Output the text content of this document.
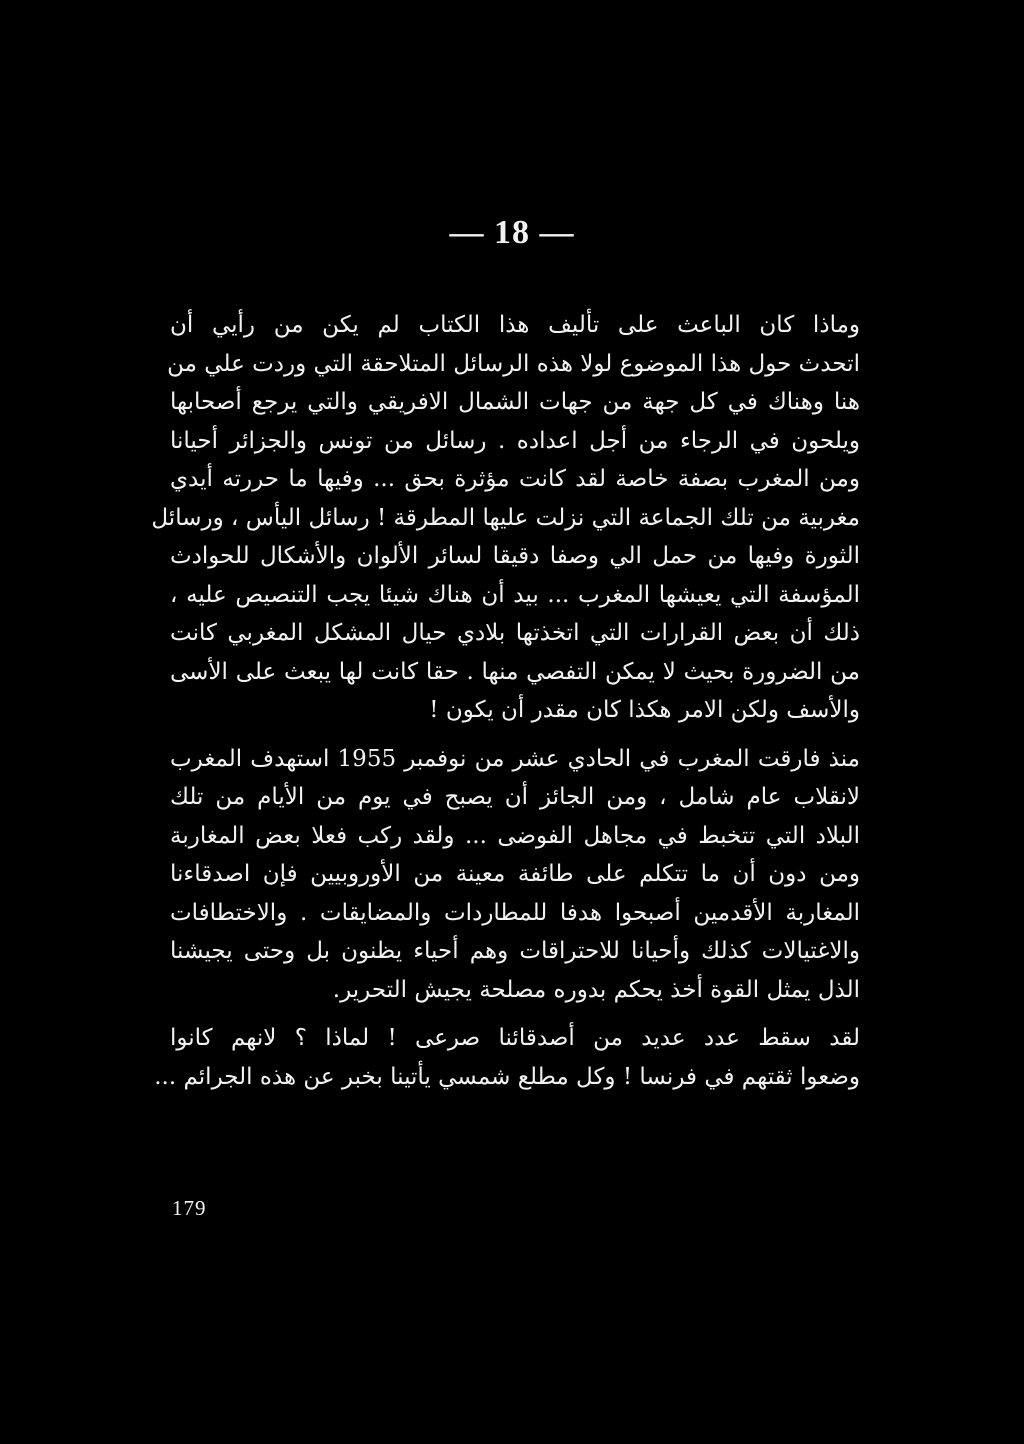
— 18 —
وماذا كان الباعث على تأليف هذا الكتاب لم يكن من رأيي أن
اتحدث حول هذا الموضوع لولا هذه الرسائل المتلاحقة التي وردت علي من
هنا وهناك في كل جهة من جهات الشمال الافريقي والتي يرجع أصحابها
ويلحون في الرجاء من أجل اعداده . رسائل من تونس والجزائر أحيانا
ومن المغرب بصفة خاصة لقد كانت مؤثرة بحق ... وفيها ما حررته أيدي
مغربية من تلك الجماعة التي نزلت عليها المطرقة ! رسائل اليأس ، ورسائل
الثورة وفيها من حمل الي وصفا دقيقا لسائر الألوان والأشكال للحوادث
المؤسفة التي يعيشها المغرب ... بيد أن هناك شيئا يجب التنصيص عليه ،
ذلك أن بعض القرارات التي اتخذتها بلادي حيال المشكل المغربي كانت
من الضرورة بحيث لا يمكن التفصي منها . حقا كانت لها يبعث على الأسى
والأسف ولكن الامر هكذا كان مقدر أن يكون !
منذ فارقت المغرب في الحادي عشر من نوفمبر 1955 استهدف المغرب
لانقلاب عام شامل ، ومن الجائز أن يصبح في يوم من الأيام من تلك
البلاد التي تتخبط في مجاهل الفوضى ... ولقد ركب فعلا بعض المغاربة
ومن دون أن ما تتكلم على طائفة معينة من الأوروبيين فإن اصدقاءنا
المغاربة الأقدمين أصبحوا هدفا للمطاردات والمضايقات . والاختطافات
والاغتيالات كذلك وأحيانا للاحتراقات وهم أحياء يظنون بل وحتى يجيشنا
الذل يمثل القوة أخذ يحكم بدوره مصلحة يجيش التحرير.
لقد سقط عدد عديد من أصدقائنا صرعى ! لماذا ؟ لانهم كانوا
وضعوا ثقتهم في فرنسا ! وكل مطلع شمسي يأتينا بخبر عن هذه الجرائم ...
179
